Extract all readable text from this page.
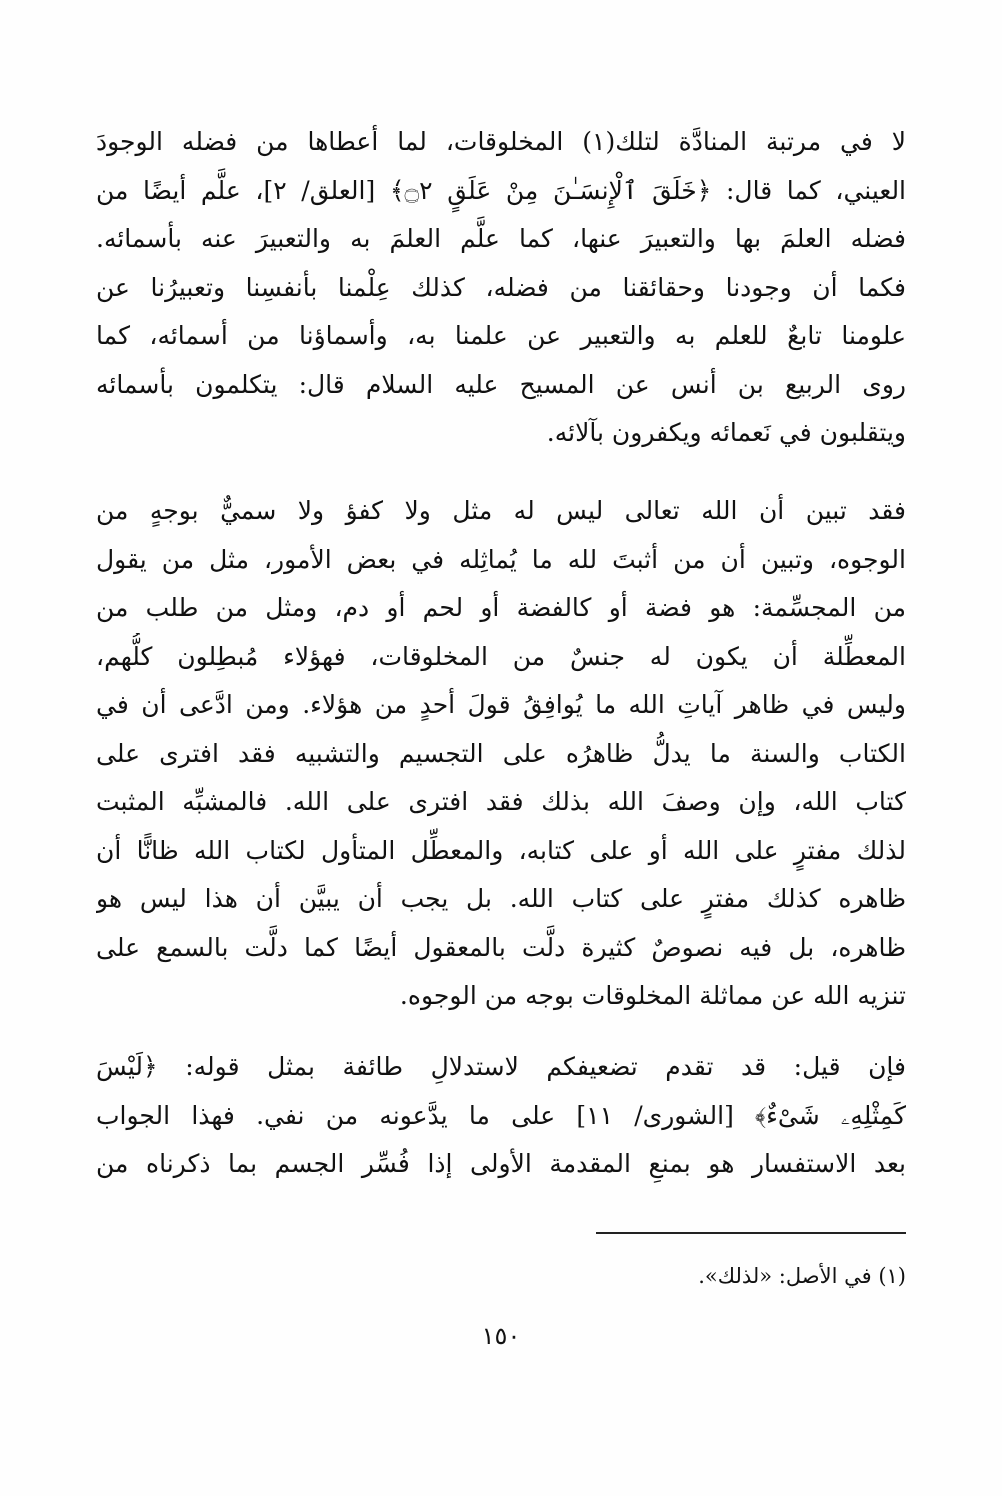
لا في مرتبة المنادَّة لتلك(١) المخلوقات، لما أعطاها من فضله الوجودَ
العيني، كما قال: ﴿خَلَقَ ٱلْإِنسَـٰنَ مِنْ عَلَقٍ ۝٢﴾ [العلق/ ٢]، علَّم أيضًا من
فضله العلمَ بها والتعبيرَ عنها، كما علَّم العلمَ به والتعبيرَ عنه بأسمائه.
فكما أن وجودنا وحقائقنا من فضله، كذلك عِلْمنا بأنفسِنا وتعبيرُنا عن
علومنا تابعٌ للعلم به والتعبير عن علمنا به، وأسماؤنا من أسمائه، كما
روى الربيع بن أنس عن المسيح عليه السلام قال: يتكلمون بأسمائه
ويتقلبون في نَعمائه ويكفرون بآلائه.
فقد تبين أن الله تعالى ليس له مثل ولا كفؤ ولا سميٌّ بوجهٍ من
الوجوه، وتبين أن من أثبتَ لله ما يُماثِله في بعض الأمور، مثل من يقول
من المجسِّمة: هو فضة أو كالفضة أو لحم أو دم، ومثل من طلب من
المعطِّلة أن يكون له جنسٌ من المخلوقات، فهؤلاء مُبطِلون كلُّهم،
وليس في ظاهر آياتِ الله ما يُوافِقُ قولَ أحدٍ من هؤلاء. ومن ادَّعى أن في
الكتاب والسنة ما يدلُّ ظاهرُه على التجسيم والتشبيه فقد افترى على
كتاب الله، وإن وصفَ الله بذلك فقد افترى على الله. فالمشبِّه المثبت
لذلك مفترٍ على الله أو على كتابه، والمعطِّل المتأول لكتاب الله ظانًّا أن
ظاهره كذلك مفترٍ على كتاب الله. بل يجب أن يبيَّن أن هذا ليس هو
ظاهره، بل فيه نصوصٌ كثيرة دلَّت بالمعقول أيضًا كما دلَّت بالسمع على
تنزيه الله عن مماثلة المخلوقات بوجه من الوجوه.
فإن قيل: قد تقدم تضعيفكم لاستدلالِ طائفة بمثل قوله: ﴿لَيْسَ
كَمِثْلِهِۦ شَىْءٌ﴾ [الشورى/ ١١] على ما يدَّعونه من نفي. فهذا الجواب
بعد الاستفسار هو بمنعِ المقدمة الأولى إذا فُسِّر الجسم بما ذكرناه من
(١) في الأصل: «لذلك».
١٥٠
